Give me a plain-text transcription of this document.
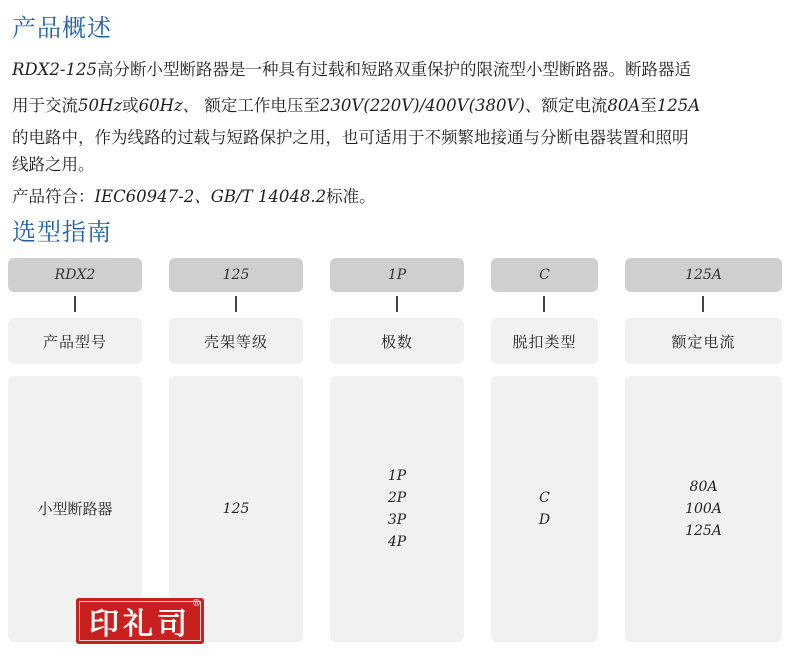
产品概述

RDX2-125高分断小型断路器是一种具有过载和短路双重保护的限流型小型断路器。断路器适

用于交流50Hz或60Hz、 额定工作电压至230V(220V)/400V(380V)、额定电流80A至125A

的电路中，作为线路的过载与短路保护之用，也可适用于不频繁地接通与分断电器装置和照明

线路之用。

产品符合：IEC60947-2、GB/T 14048.2标准。

选型指南
RDX2
产品型号
小型断路器
125
壳架等级
125
1P
极数
1P
2P
3P
4P
C
脱扣类型
C
D
125A
额定电流
80A
100A
125A
印礼司
®
